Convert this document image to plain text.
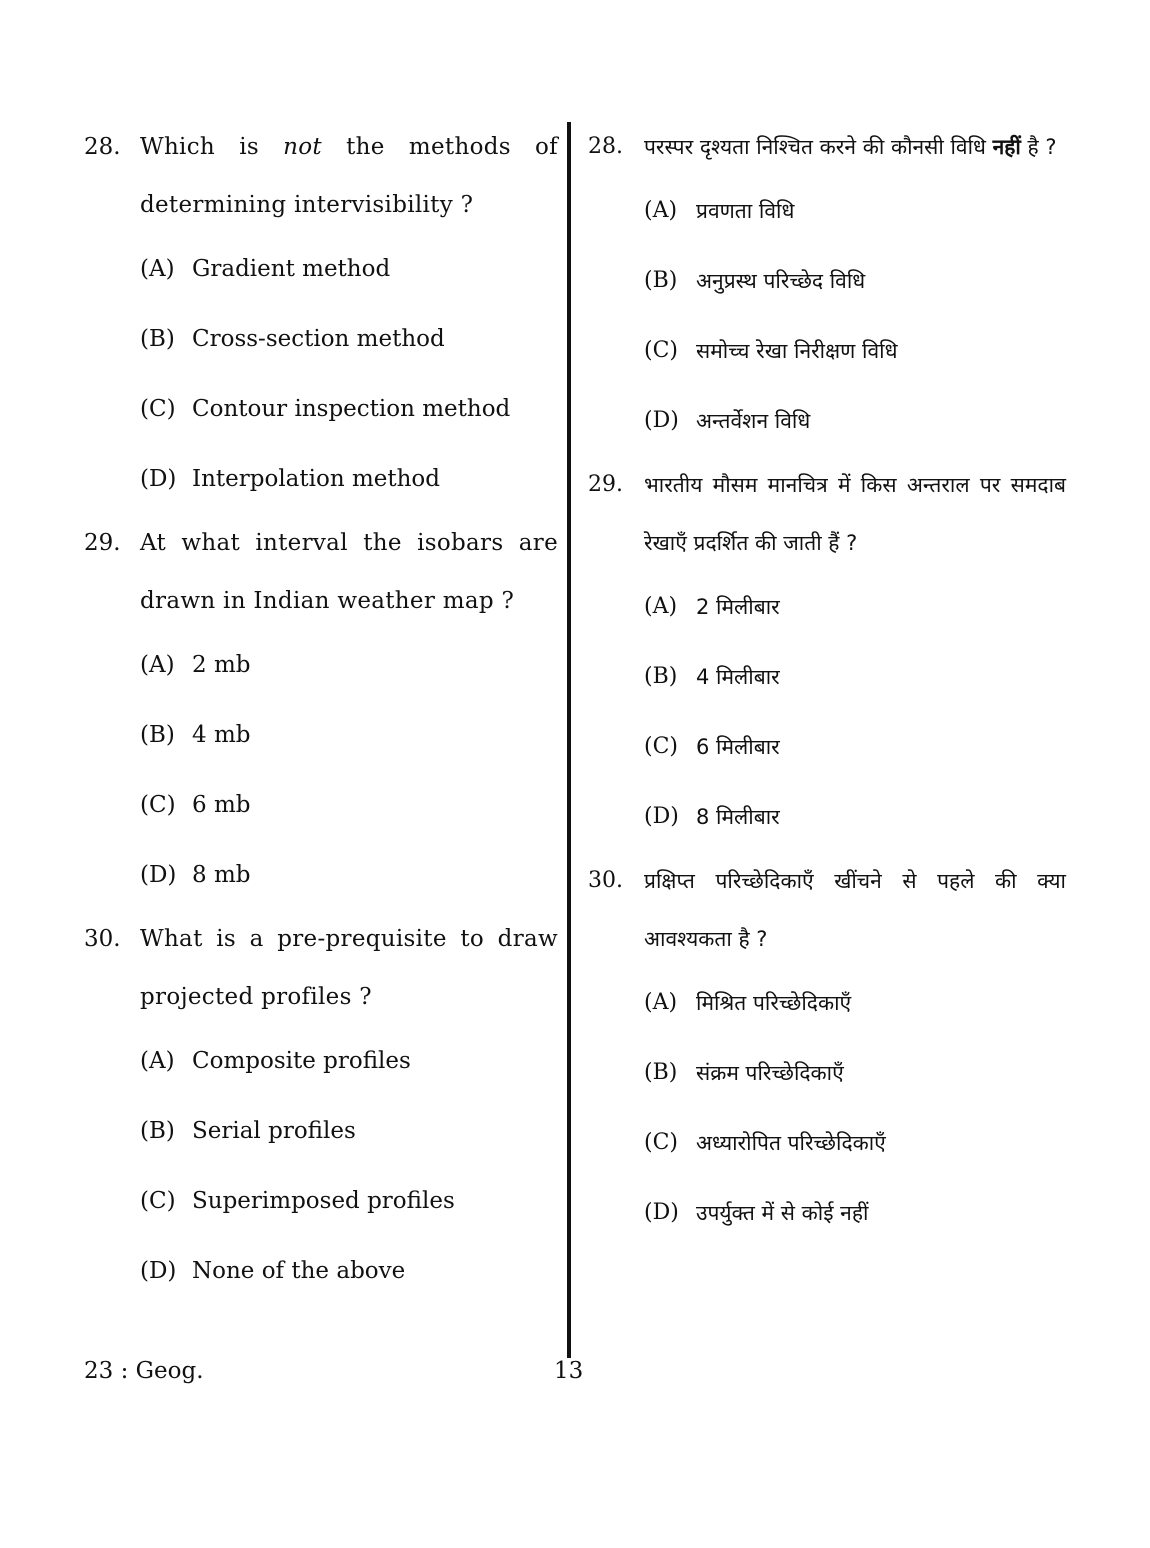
28. Which is not the methods of determining intervisibility ?
(A) Gradient method
(B) Cross-section method
(C) Contour inspection method
(D) Interpolation method
29. At what interval the isobars are drawn in Indian weather map ?
(A) 2 mb
(B) 4 mb
(C) 6 mb
(D) 8 mb
30. What is a pre-prequisite to draw projected profiles ?
(A) Composite profiles
(B) Serial profiles
(C) Superimposed profiles
(D) None of the above
28. परस्पर दृश्यता निश्चित करने की कौनसी विधि नहीं है ?
(A) प्रवणता विधि
(B) अनुप्रस्थ परिच्छेद विधि
(C) समोच्च रेखा निरीक्षण विधि
(D) अन्तर्वेशन विधि
29. भारतीय मौसम मानचित्र में किस अन्तराल पर समदाब रेखाएँ प्रदर्शित की जाती हैं ?
(A) 2 मिलीबार
(B) 4 मिलीबार
(C) 6 मिलीबार
(D) 8 मिलीबार
30. प्रक्षिप्त परिच्छेदिकाएँ खींचने से पहले की क्या आवश्यकता है ?
(A) मिश्रित परिच्छेदिकाएँ
(B) संक्रम परिच्छेदिकाएँ
(C) अध्यारोपित परिच्छेदिकाएँ
(D) उपर्युक्त में से कोई नहीं
23 : Geog.	13
